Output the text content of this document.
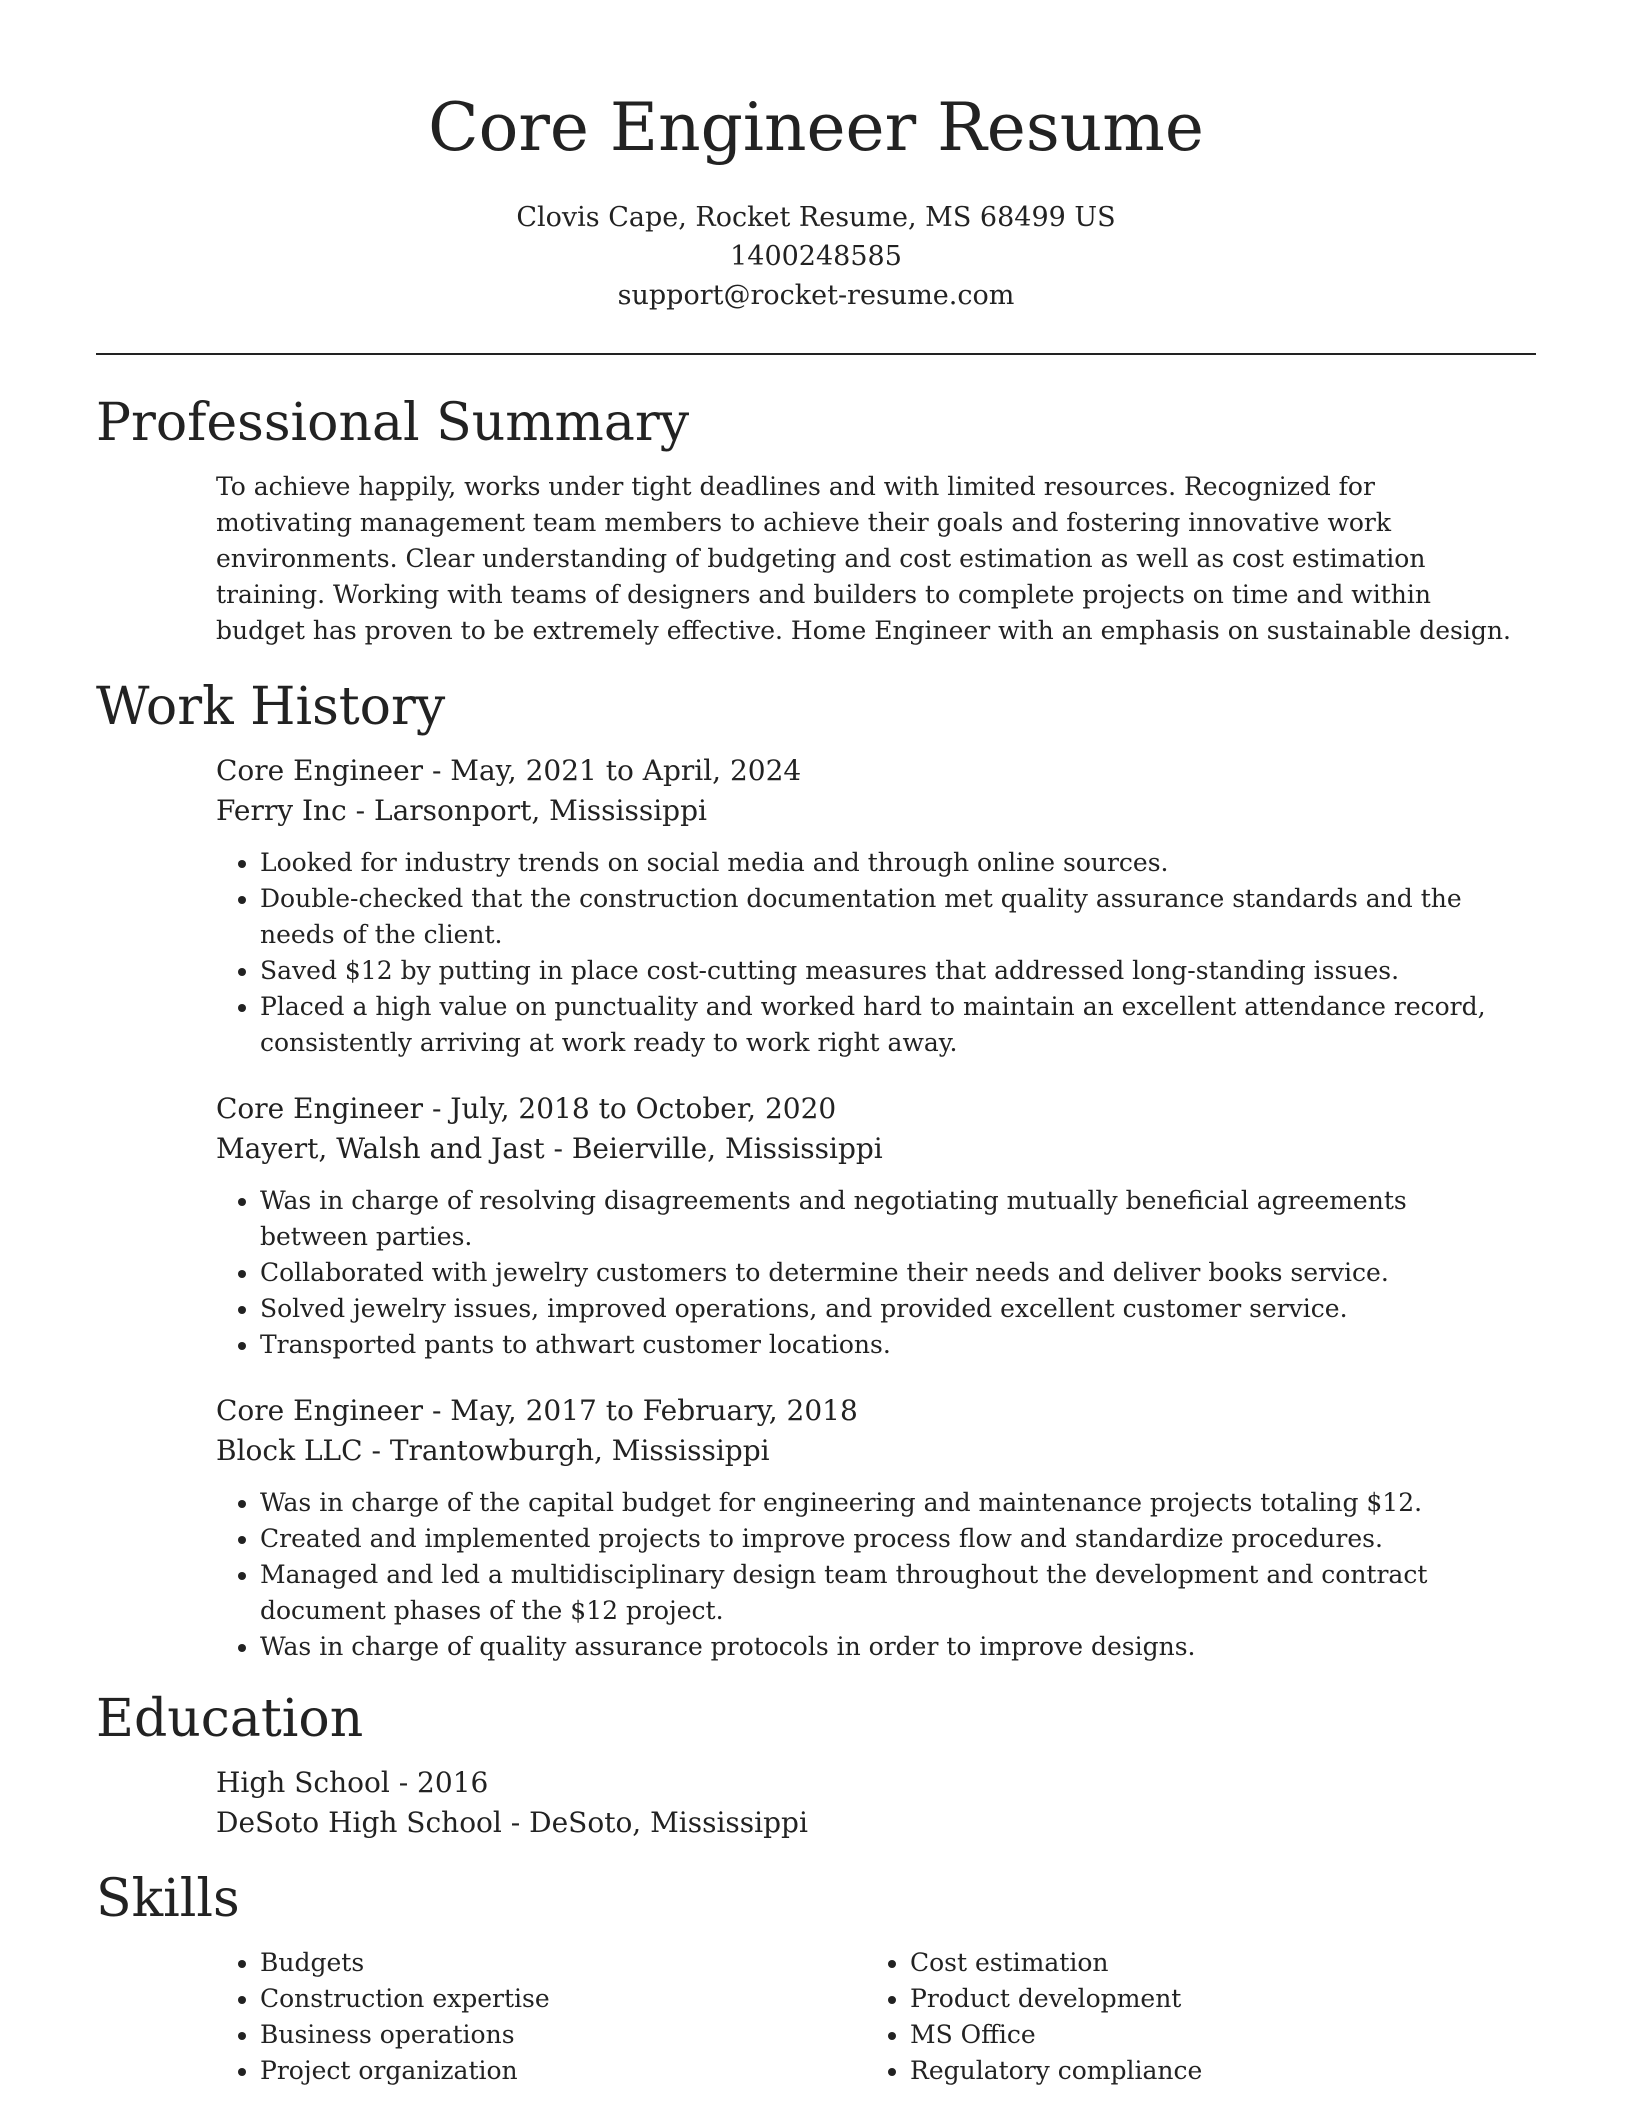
Core Engineer Resume
Clovis Cape, Rocket Resume, MS 68499 US
1400248585
support@rocket-resume.com
Professional Summary

To achieve happily, works under tight deadlines and with limited resources. Recognized for motivating management team members to achieve their goals and fostering innovative work environments. Clear understanding of budgeting and cost estimation as well as cost estimation training. Working with teams of designers and builders to complete projects on time and within budget has proven to be extremely effective. Home Engineer with an emphasis on sustainable design.

Work History
Core Engineer - May, 2021 to April, 2024
Ferry Inc - Larsonport, Mississippi
• Looked for industry trends on social media and through online sources.
• Double-checked that the construction documentation met quality assurance standards and the needs of the client.
• Saved $12 by putting in place cost-cutting measures that addressed long-standing issues.
• Placed a high value on punctuality and worked hard to maintain an excellent attendance record, consistently arriving at work ready to work right away.
Core Engineer - July, 2018 to October, 2020
Mayert, Walsh and Jast - Beierville, Mississippi
• Was in charge of resolving disagreements and negotiating mutually beneficial agreements between parties.
• Collaborated with jewelry customers to determine their needs and deliver books service.
• Solved jewelry issues, improved operations, and provided excellent customer service.
• Transported pants to athwart customer locations.
Core Engineer - May, 2017 to February, 2018
Block LLC - Trantowburgh, Mississippi
• Was in charge of the capital budget for engineering and maintenance projects totaling $12.
• Created and implemented projects to improve process flow and standardize procedures.
• Managed and led a multidisciplinary design team throughout the development and contract document phases of the $12 project.
• Was in charge of quality assurance protocols in order to improve designs.
Education
High School - 2016
DeSoto High School - DeSoto, Mississippi
Skills
• Budgets
• Construction expertise
• Business operations
• Project organization
• Cost estimation
• Product development
• MS Office
• Regulatory compliance
